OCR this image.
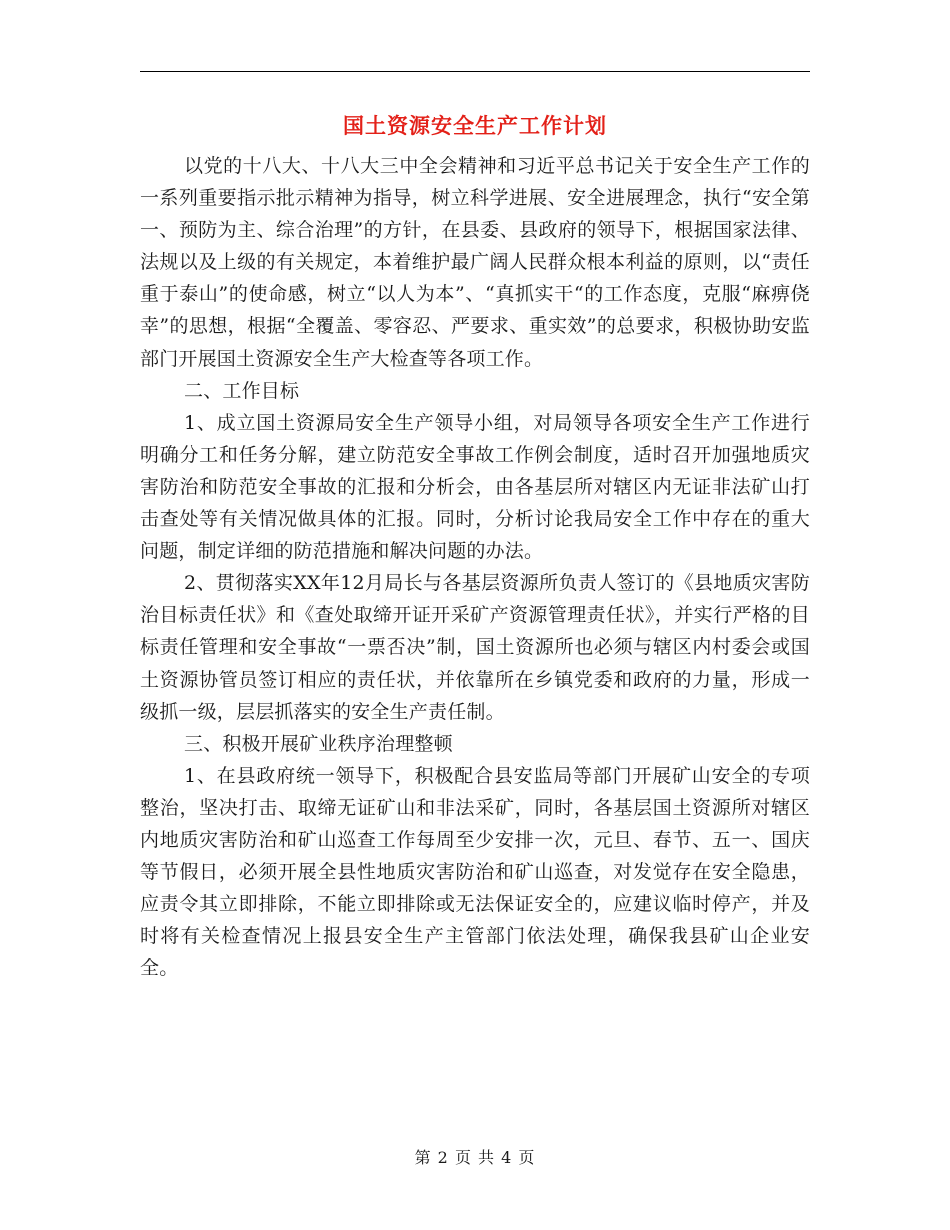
国土资源安全生产工作计划

以党的十八大、十八大三中全会精神和习近平总书记关于安全生产工作的一系列重要指示批示精神为指导，树立科学进展、安全进展理念，执行“安全第一、预防为主、综合治理”的方针，在县委、县政府的领导下，根据国家法律、法规以及上级的有关规定，本着维护最广阔人民群众根本利益的原则，以“责任重于泰山”的使命感，树立“以人为本”、“真抓实干“的工作态度，克服“麻痹侥幸”的思想，根据“全覆盖、零容忍、严要求、重实效”的总要求，积极协助安监部门开展国土资源安全生产大检查等各项工作。

二、工作目标

1、成立国土资源局安全生产领导小组，对局领导各项安全生产工作进行明确分工和任务分解，建立防范安全事故工作例会制度，适时召开加强地质灾害防治和防范安全事故的汇报和分析会，由各基层所对辖区内无证非法矿山打击查处等有关情况做具体的汇报。同时，分析讨论我局安全工作中存在的重大问题，制定详细的防范措施和解决问题的办法。

2、贯彻落实XX年12月局长与各基层资源所负责人签订的《县地质灾害防治目标责任状》和《查处取缔开证开采矿产资源管理责任状》，并实行严格的目标责任管理和安全事故“一票否决”制，国土资源所也必须与辖区内村委会或国土资源协管员签订相应的责任状，并依靠所在乡镇党委和政府的力量，形成一级抓一级，层层抓落实的安全生产责任制。

三、积极开展矿业秩序治理整顿

1、在县政府统一领导下，积极配合县安监局等部门开展矿山安全的专项整治，坚决打击、取缔无证矿山和非法采矿，同时，各基层国土资源所对辖区内地质灾害防治和矿山巡查工作每周至少安排一次，元旦、春节、五一、国庆等节假日，必须开展全县性地质灾害防治和矿山巡查，对发觉存在安全隐患，应责令其立即排除，不能立即排除或无法保证安全的，应建议临时停产，并及时将有关检查情况上报县安全生产主管部门依法处理，确保我县矿山企业安全。

第 2 页 共 4 页
